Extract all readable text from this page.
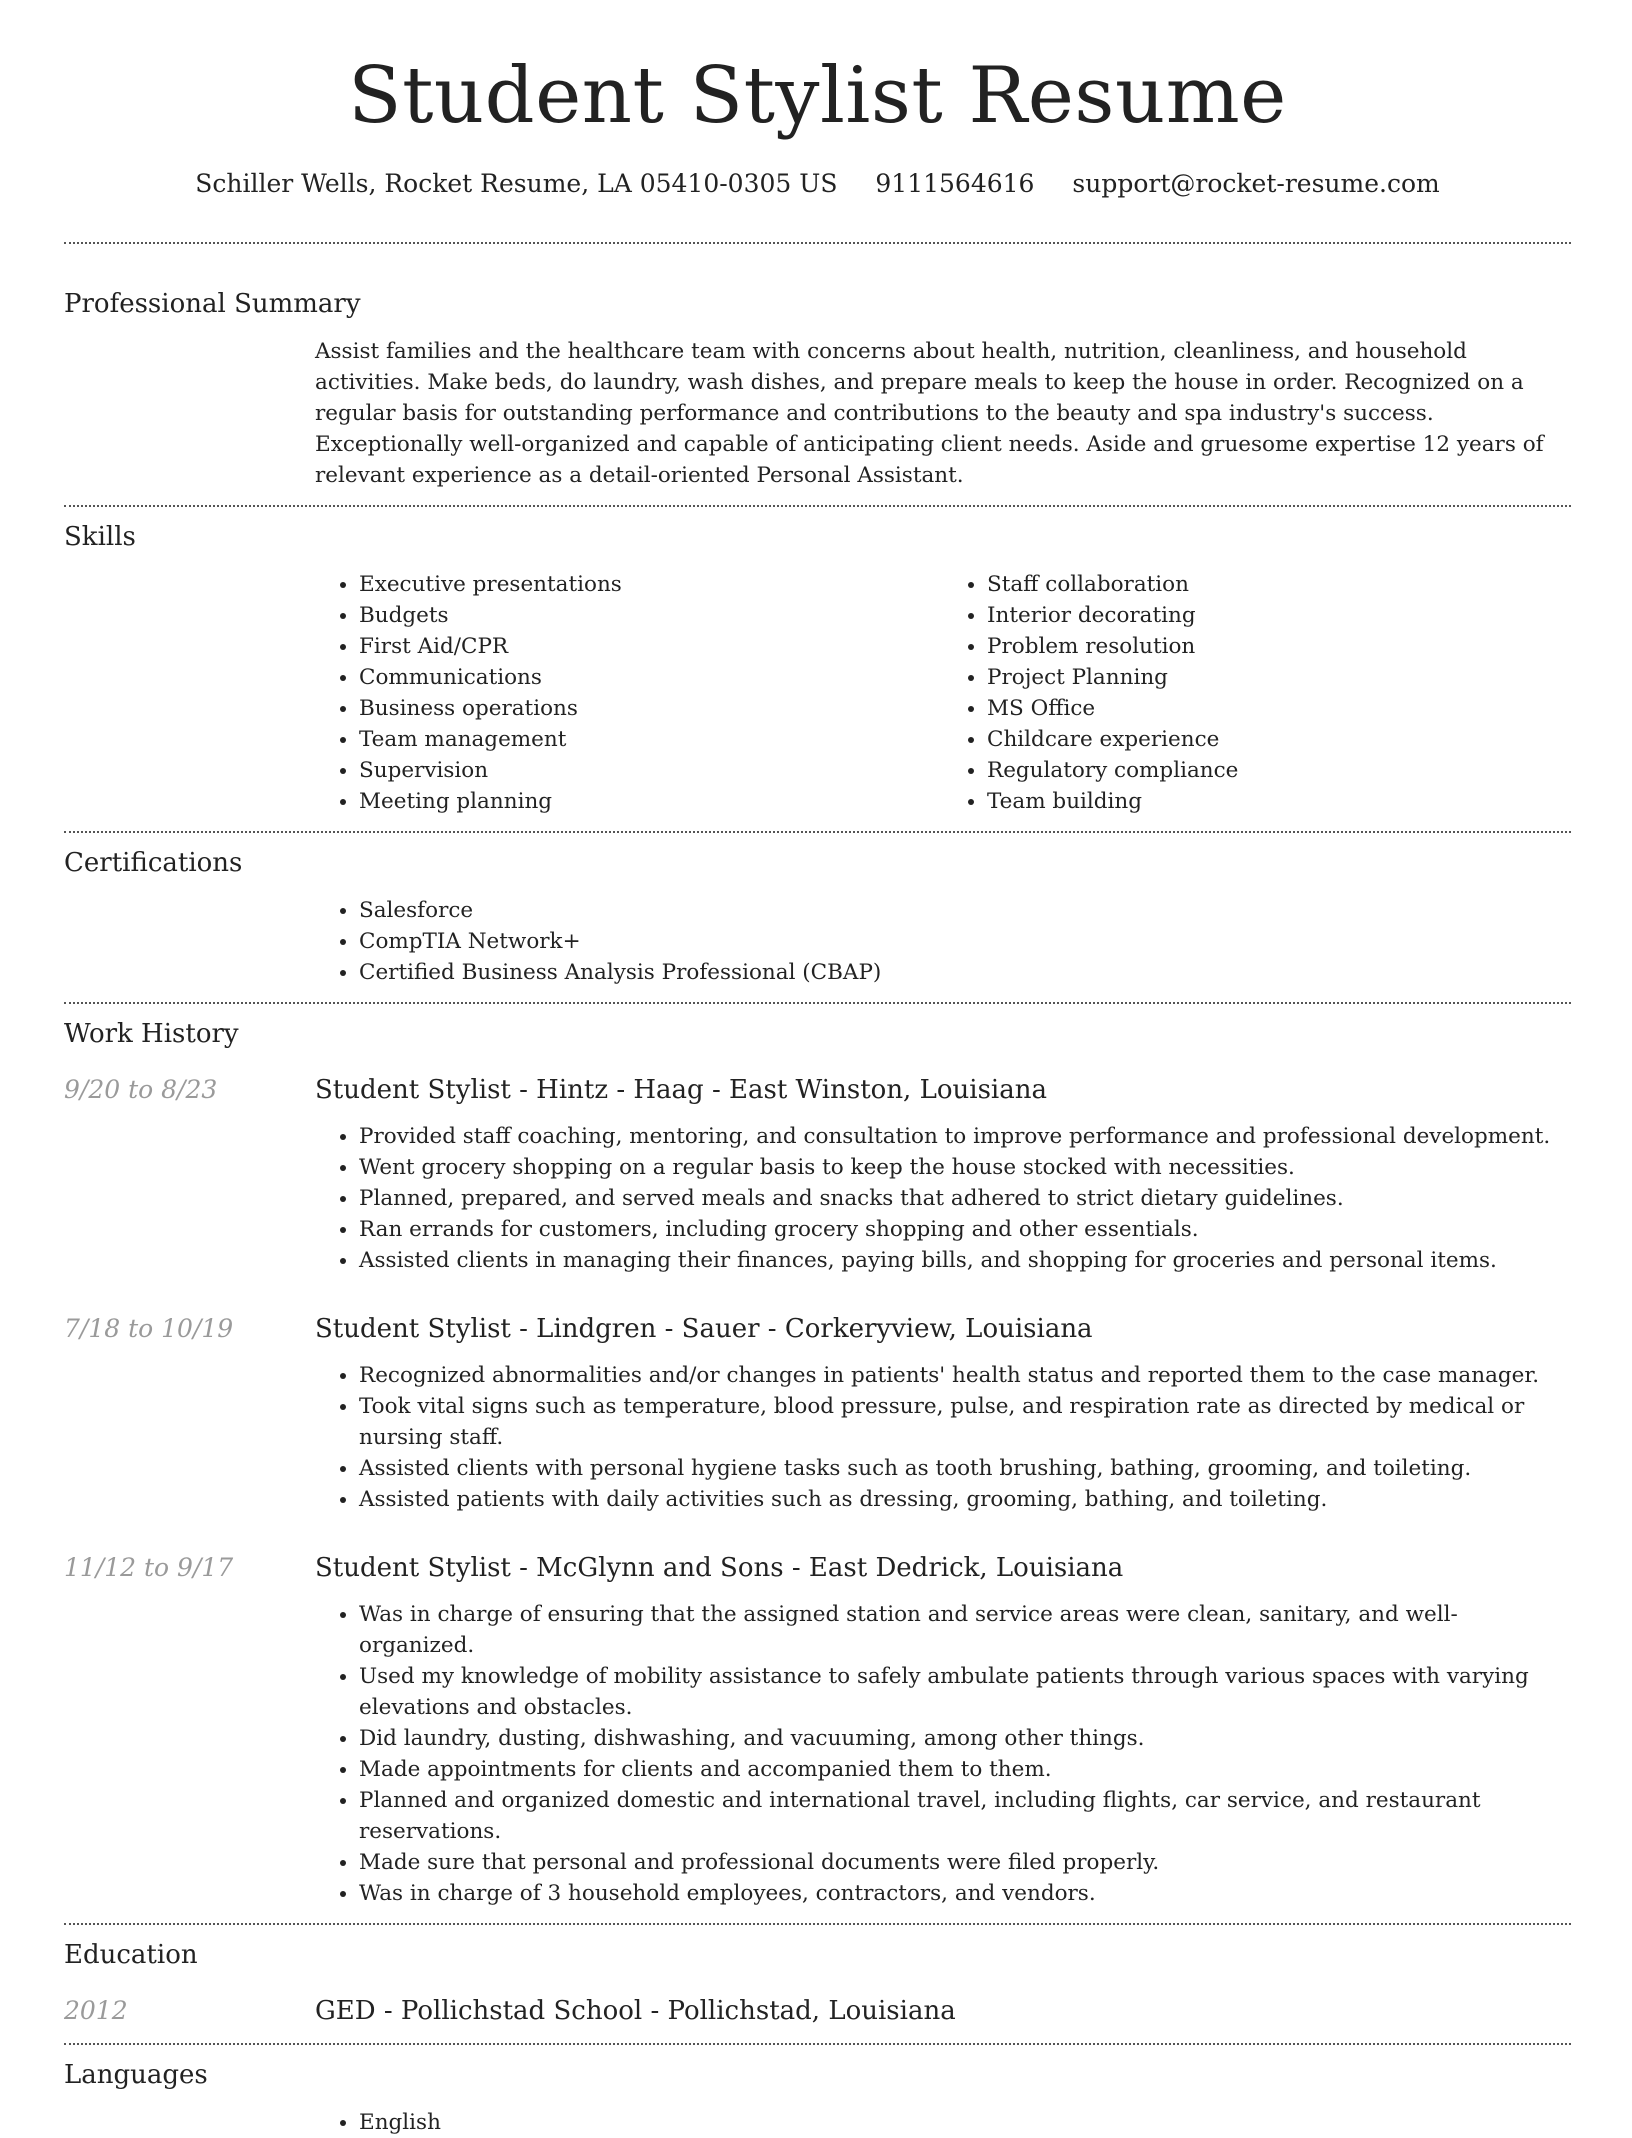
Student Stylist Resume
Schiller Wells, Rocket Resume, LA 05410-0305 US 9111564616 support@rocket-resume.com
Professional Summary
Assist families and the healthcare team with concerns about health, nutrition, cleanliness, and household activities. Make beds, do laundry, wash dishes, and prepare meals to keep the house in order. Recognized on a regular basis for outstanding performance and contributions to the beauty and spa industry's success. Exceptionally well-organized and capable of anticipating client needs. Aside and gruesome expertise 12 years of relevant experience as a detail-oriented Personal Assistant.
Skills
• Executive presentations
• Budgets
• First Aid/CPR
• Communications
• Business operations
• Team management
• Supervision
• Meeting planning
• Staff collaboration
• Interior decorating
• Problem resolution
• Project Planning
• MS Office
• Childcare experience
• Regulatory compliance
• Team building
Certifications
• Salesforce
• CompTIA Network+
• Certified Business Analysis Professional (CBAP)
Work History
9/20 to 8/23	Student Stylist - Hintz - Haag - East Winston, Louisiana
• Provided staff coaching, mentoring, and consultation to improve performance and professional development.
• Went grocery shopping on a regular basis to keep the house stocked with necessities.
• Planned, prepared, and served meals and snacks that adhered to strict dietary guidelines.
• Ran errands for customers, including grocery shopping and other essentials.
• Assisted clients in managing their finances, paying bills, and shopping for groceries and personal items.
7/18 to 10/19	Student Stylist - Lindgren - Sauer - Corkeryview, Louisiana
• Recognized abnormalities and/or changes in patients' health status and reported them to the case manager.
• Took vital signs such as temperature, blood pressure, pulse, and respiration rate as directed by medical or nursing staff.
• Assisted clients with personal hygiene tasks such as tooth brushing, bathing, grooming, and toileting.
• Assisted patients with daily activities such as dressing, grooming, bathing, and toileting.
11/12 to 9/17	Student Stylist - McGlynn and Sons - East Dedrick, Louisiana
• Was in charge of ensuring that the assigned station and service areas were clean, sanitary, and well-organized.
• Used my knowledge of mobility assistance to safely ambulate patients through various spaces with varying elevations and obstacles.
• Did laundry, dusting, dishwashing, and vacuuming, among other things.
• Made appointments for clients and accompanied them to them.
• Planned and organized domestic and international travel, including flights, car service, and restaurant reservations.
• Made sure that personal and professional documents were filed properly.
• Was in charge of 3 household employees, contractors, and vendors.
Education
2012	GED - Pollichstad School - Pollichstad, Louisiana
Languages
• English
